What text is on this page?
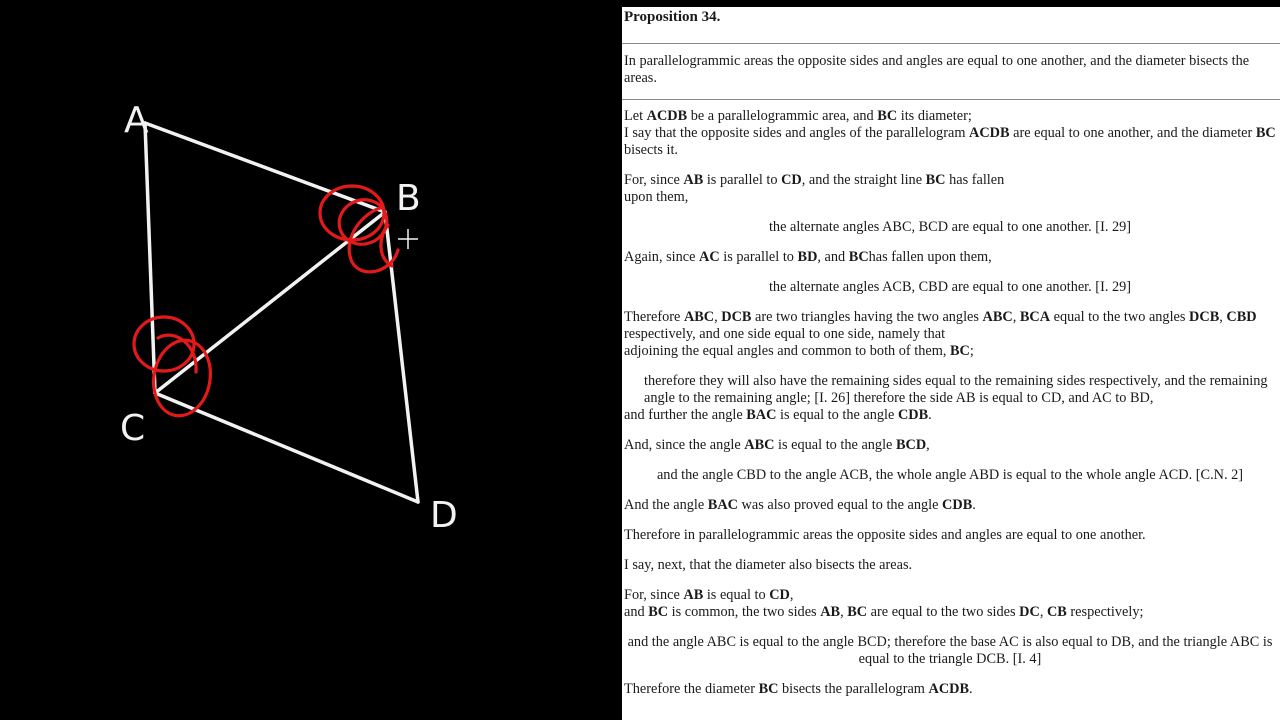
A
B
C
D
Proposition 34.
In parallelogrammic areas the opposite sides and angles are equal to one another, and the diameter bisects the areas.
Let ACDB be a parallelogrammic area, and BC its diameter;
I say that the opposite sides and angles of the parallelogram ACDB are equal to one another, and the diameter BC bisects it.
For, since AB is parallel to CD, and the straight line BC has fallen
upon them,
the alternate angles ABC, BCD are equal to one another. [I. 29]
Again, since AC is parallel to BD, and BChas fallen upon them,
the alternate angles ACB, CBD are equal to one another. [I. 29]
Therefore ABC, DCB are two triangles having the two angles ABC, BCA equal to the two angles DCB, CBD respectively, and one side equal to one side, namely that
adjoining the equal angles and common to both of them, BC;
therefore they will also have the remaining sides equal to the remaining sides respectively, and the remaining angle to the remaining angle; [I. 26] therefore the side AB is equal to CD, and AC to BD,
and further the angle BAC is equal to the angle CDB.
And, since the angle ABC is equal to the angle BCD,
and the angle CBD to the angle ACB, the whole angle ABD is equal to the whole angle ACD. [C.N. 2]
And the angle BAC was also proved equal to the angle CDB.
Therefore in parallelogrammic areas the opposite sides and angles are equal to one another.
I say, next, that the diameter also bisects the areas.
For, since AB is equal to CD,
and BC is common, the two sides AB, BC are equal to the two sides DC, CB respectively;
and the angle ABC is equal to the angle BCD; therefore the base AC is also equal to DB, and the triangle ABC is equal to the triangle DCB. [I. 4]
Therefore the diameter BC bisects the parallelogram ACDB.
